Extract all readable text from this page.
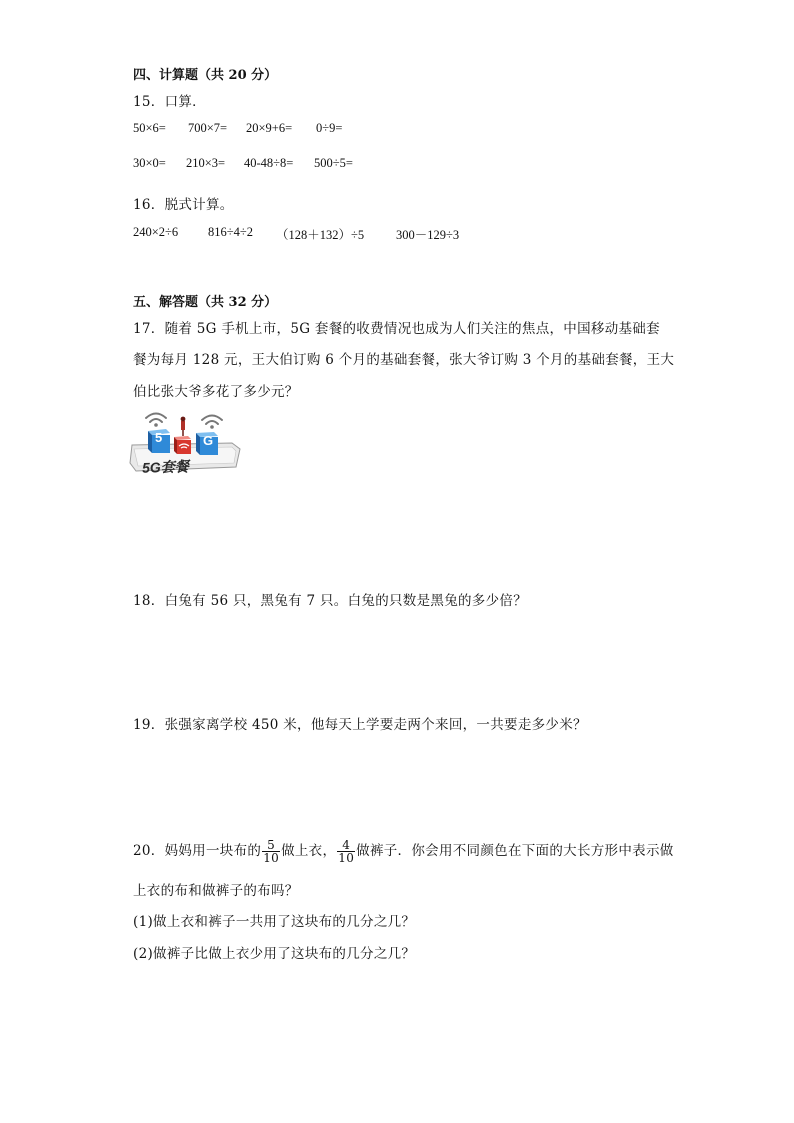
四、计算题（共 20 分）
15．口算．
50×6= 700×7= 20×9+6= 0÷9=
30×0= 210×3= 40-48÷8= 500÷5=
16．脱式计算。
240×2÷6 816÷4÷2 （128＋132）÷5	300－129÷3
五、解答题（共 32 分）
17．随着 5G 手机上市，5G 套餐的收费情况也成为人们关注的焦点，中国移动基础套
餐为每月 128 元，王大伯订购 6 个月的基础套餐，张大爷订购 3 个月的基础套餐，王大
伯比张大爷多花了多少元？
5	G
5G套餐
18．白兔有 56 只，黑兔有 7 只。白兔的只数是黑兔的多少倍？
19．张强家离学校 450 米，他每天上学要走两个来回，一共要走多少米？
20．妈妈用一块布的 $\frac{5}{10}$ 做上衣， $\frac{4}{10}$ 做裤子．你会用不同颜色在下面的大长方形中表示做
上衣的布和做裤子的布吗？
(1)做上衣和裤子一共用了这块布的几分之几？
(2)做裤子比做上衣少用了这块布的几分之几？
